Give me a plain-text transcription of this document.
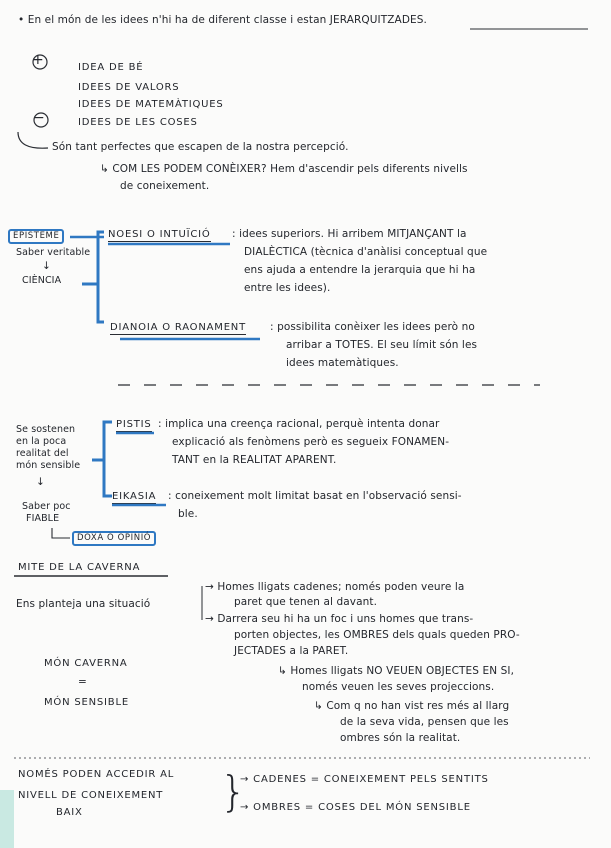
• En el món de les idees n'hi ha de diferent classe i estan JERARQUITZADES.
+
−
IDEA DE BÉ
IDEES DE VALORS
IDEES DE MATEMÀTIQUES
IDEES DE LES COSES
Són tant perfectes que escapen de la nostra percepció.
↳ COM LES PODEM CONÈIXER? Hem d'ascendir pels diferents nivells
de coneixement.
EPISTEME
Saber veritable
↓
CIÈNCIA
NOESI O INTUÏCIÓ : idees superiors. Hi arribem MITJANÇANT la
DIALÈCTICA (tècnica d'anàlisi conceptual que
ens ajuda a entendre la jerarquia que hi ha
entre les idees).
DIANOIA O RAONAMENT : possibilita conèixer les idees però no
arribar a TOTES. El seu límit són les
idees matemàtiques.
Se sostenen
en la poca
realitat del
món sensible
↓
Saber poc
FIABLE
DOXA O OPINIÓ
PISTIS : implica una creença racional, perquè intenta donar
explicació als fenòmens però es segueix FONAMEN-
TANT en la REALITAT APARENT.
EIKASIA : coneixement molt limitat basat en l'observació sensi-
ble.
MITE DE LA CAVERNA
Ens planteja una situació
MÓN CAVERNA
=
MÓN SENSIBLE
→ Homes lligats cadenes; només poden veure la
paret que tenen al davant.
→ Darrera seu hi ha un foc i uns homes que trans-
porten objectes, les OMBRES dels quals queden PRO-
JECTADES a la PARET.
↳ Homes lligats NO VEUEN OBJECTES EN SI,
només veuen les seves projeccions.
↳ Com q no han vist res més al llarg
de la seva vida, pensen que les
ombres són la realitat.
NOMÉS PODEN ACCEDIR AL
NIVELL DE CONEIXEMENT
BAIX	}
→ CADENES = CONEIXEMENT PELS SENTITS
→ OMBRES = COSES DEL MÓN SENSIBLE
